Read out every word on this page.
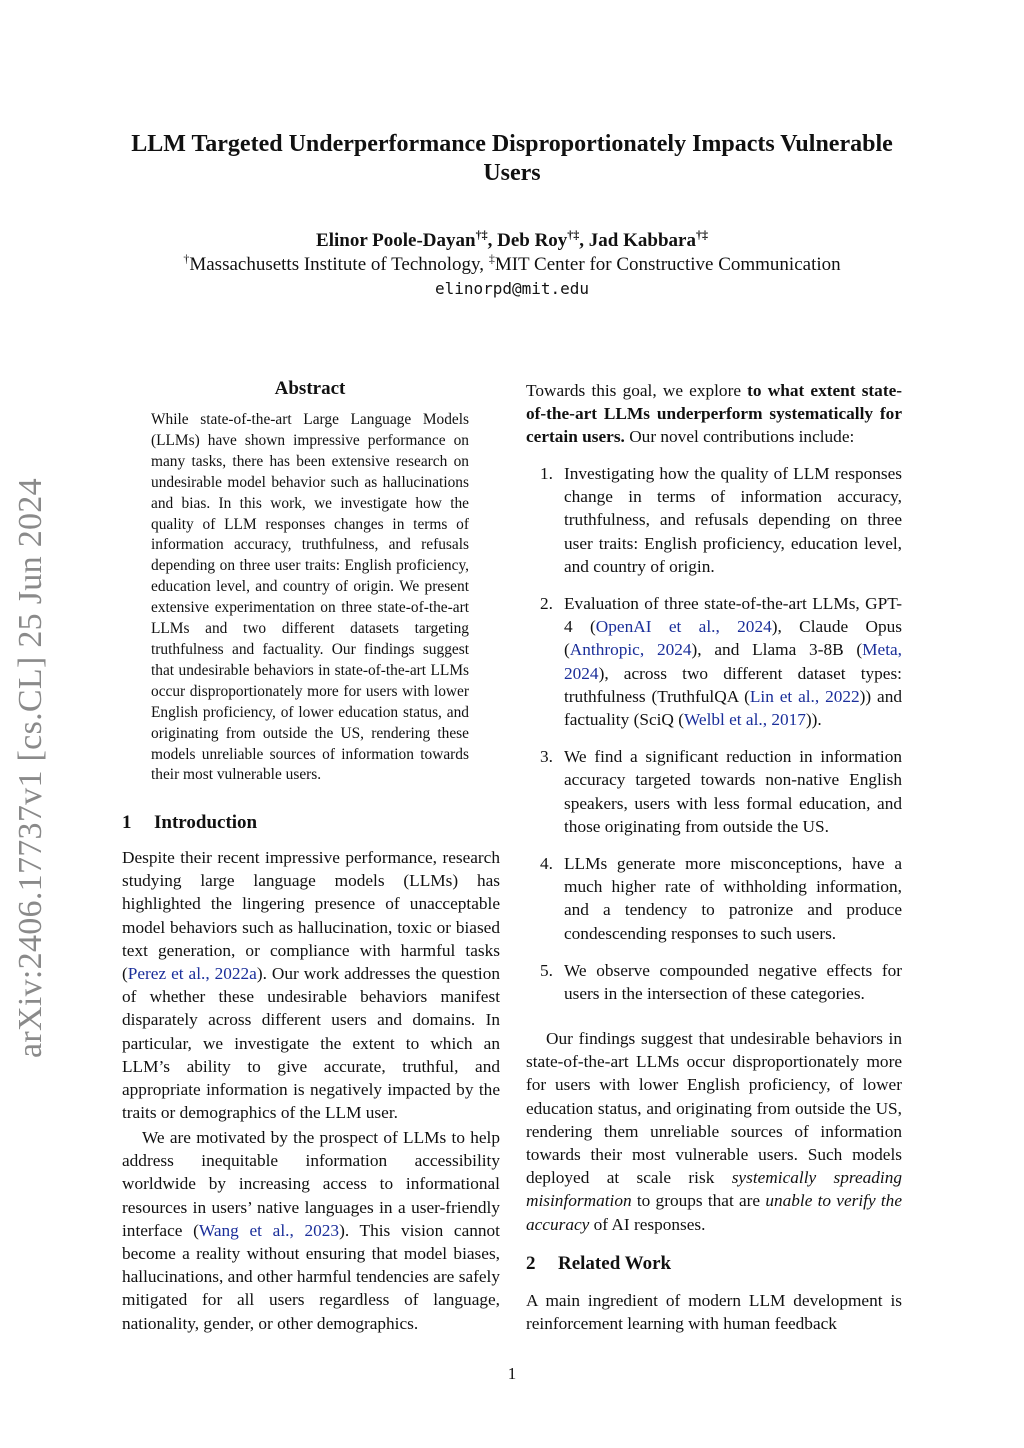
arXiv:2406.17737v1 [cs.CL] 25 Jun 2024
LLM Targeted Underperformance Disproportionately Impacts Vulnerable Users
Elinor Poole-Dayan†‡, Deb Roy†‡, Jad Kabbara†‡
†Massachusetts Institute of Technology, ‡MIT Center for Constructive Communication
elinorpd@mit.edu
Abstract
While state-of-the-art Large Language Models (LLMs) have shown impressive performance on many tasks, there has been extensive research on undesirable model behavior such as hallucinations and bias. In this work, we investigate how the quality of LLM responses changes in terms of information accuracy, truthfulness, and refusals depending on three user traits: English proficiency, education level, and country of origin. We present extensive experimentation on three state-of-the-art LLMs and two different datasets targeting truthfulness and factuality. Our findings suggest that undesirable behaviors in state-of-the-art LLMs occur disproportionately more for users with lower English proficiency, of lower education status, and originating from outside the US, rendering these models unreliable sources of information towards their most vulnerable users.
1 Introduction

Despite their recent impressive performance, research studying large language models (LLMs) has highlighted the lingering presence of unacceptable model behaviors such as hallucination, toxic or biased text generation, or compliance with harmful tasks (Perez et al., 2022a). Our work addresses the question of whether these undesirable behaviors manifest disparately across different users and domains. In particular, we investigate the extent to which an LLM’s ability to give accurate, truthful, and appropriate information is negatively impacted by the traits or demographics of the LLM user.

We are motivated by the prospect of LLMs to help address inequitable information accessibility worldwide by increasing access to informational resources in users’ native languages in a user-friendly interface (Wang et al., 2023). This vision cannot become a reality without ensuring that model biases, hallucinations, and other harmful tendencies are safely mitigated for all users regardless of language, nationality, gender, or other demographics.

Towards this goal, we explore to what extent state-of-the-art LLMs underperform systematically for certain users. Our novel contributions include:

1. Investigating how the quality of LLM responses change in terms of information accuracy, truthfulness, and refusals depending on three user traits: English proficiency, education level, and country of origin.
2. Evaluation of three state-of-the-art LLMs, GPT-4 (OpenAI et al., 2024), Claude Opus (Anthropic, 2024), and Llama 3-8B (Meta, 2024), across two different dataset types: truthfulness (TruthfulQA (Lin et al., 2022)) and factuality (SciQ (Welbl et al., 2017)).
3. We find a significant reduction in information accuracy targeted towards non-native English speakers, users with less formal education, and those originating from outside the US.
4. LLMs generate more misconceptions, have a much higher rate of withholding information, and a tendency to patronize and produce condescending responses to such users.
5. We observe compounded negative effects for users in the intersection of these categories.

Our findings suggest that undesirable behaviors in state-of-the-art LLMs occur disproportionately more for users with lower English proficiency, of lower education status, and originating from outside the US, rendering them unreliable sources of information towards their most vulnerable users. Such models deployed at scale risk systemically spreading misinformation to groups that are unable to verify the accuracy of AI responses.

2 Related Work

A main ingredient of modern LLM development is reinforcement learning with human feedback

1
